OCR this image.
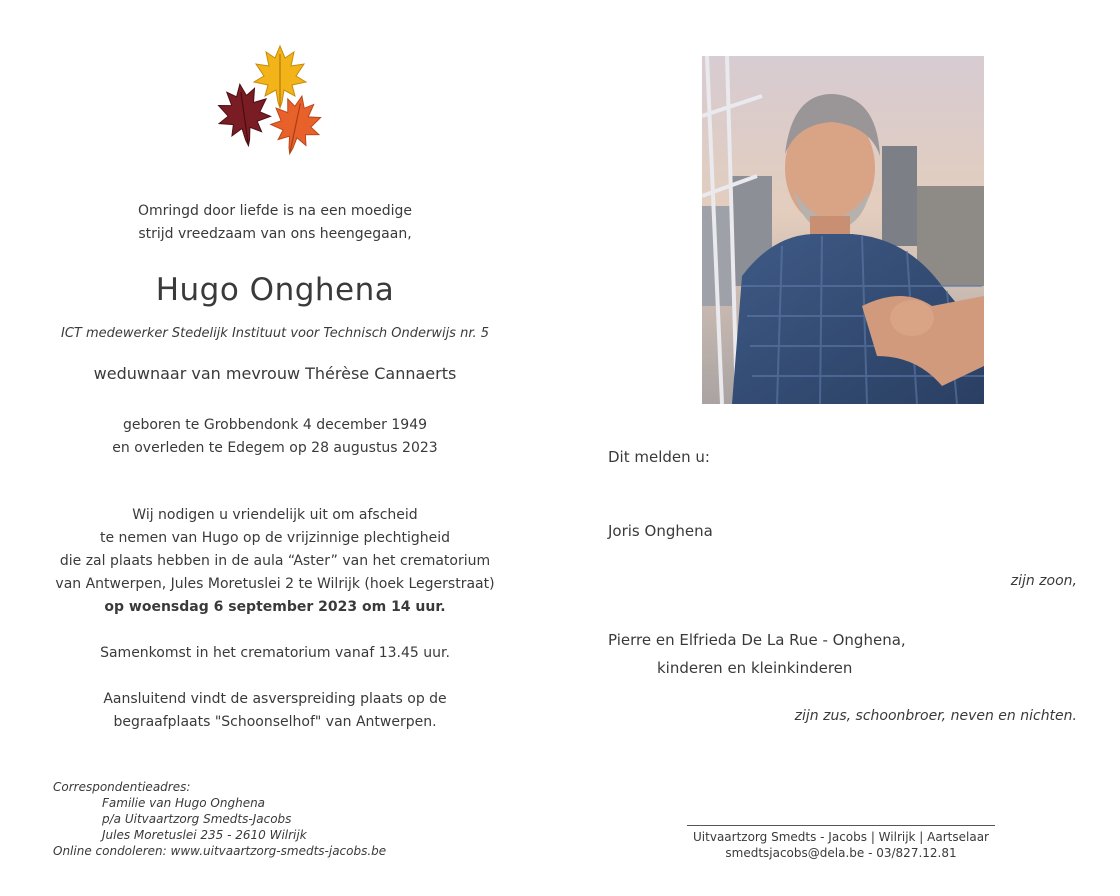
Omringd door liefde is na een moedige
strijd vreedzaam van ons heengegaan,
Hugo Onghena
ICT medewerker Stedelijk Instituut voor Technisch Onderwijs nr. 5
weduwnaar van mevrouw Thérèse Cannaerts
geboren te Grobbendonk 4 december 1949
en overleden te Edegem op 28 augustus 2023
Wij nodigen u vriendelijk uit om afscheid
te nemen van Hugo op de vrijzinnige plechtigheid
die zal plaats hebben in de aula “Aster” van het crematorium
van Antwerpen, Jules Moretuslei 2 te Wilrijk (hoek Legerstraat)
op woensdag 6 september 2023 om 14 uur.
Samenkomst in het crematorium vanaf 13.45 uur.
Aansluitend vindt de asverspreiding plaats op de
begraafplaats "Schoonselhof" van Antwerpen.
Correspondentieadres:
Familie van Hugo Onghena
p/a Uitvaartzorg Smedts-Jacobs
Jules Moretuslei 235 - 2610 Wilrijk
Online condoleren: www.uitvaartzorg-smedts-jacobs.be
Dit melden u:
Joris Onghena
zijn zoon,
Pierre en Elfrieda De La Rue - Onghena,
kinderen en kleinkinderen
zijn zus, schoonbroer, neven en nichten.
Uitvaartzorg Smedts - Jacobs | Wilrijk | Aartselaar
smedtsjacobs@dela.be - 03/827.12.81
